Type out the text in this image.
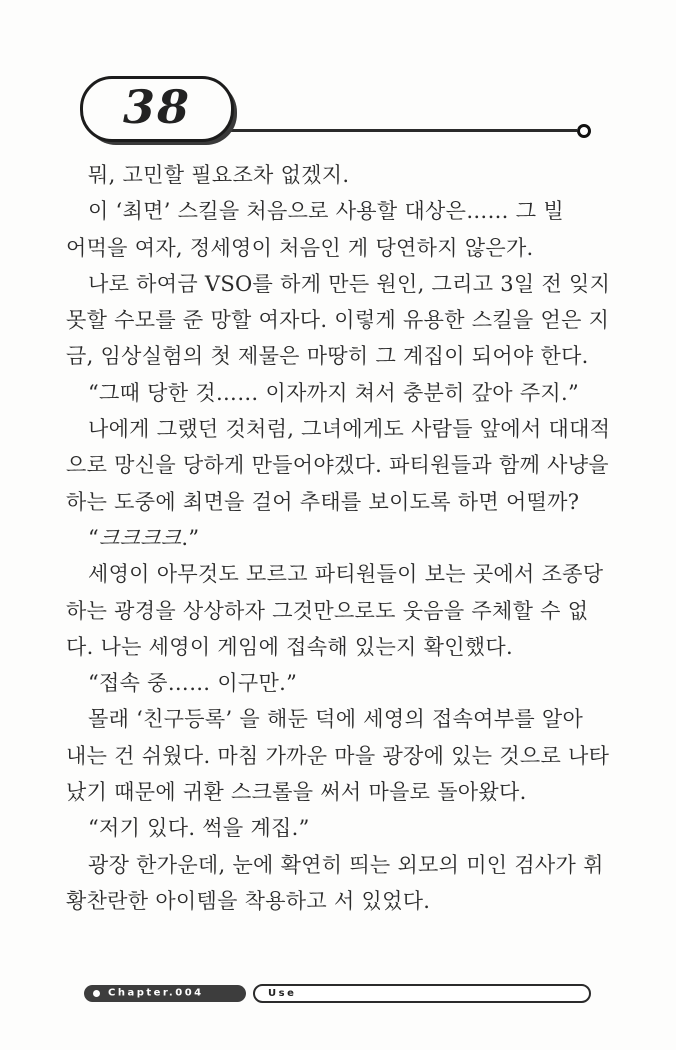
38

뭐, 고민할 필요조차 없겠지.

이 ‘최면’ 스킬을 처음으로 사용할 대상은…… 그 빌

어먹을 여자, 정세영이 처음인 게 당연하지 않은가.

나로 하여금 VSO를 하게 만든 원인, 그리고 3일 전 잊지

못할 수모를 준 망할 여자다. 이렇게 유용한 스킬을 얻은 지

금, 임상실험의 첫 제물은 마땅히 그 계집이 되어야 한다.

“그때 당한 것…… 이자까지 쳐서 충분히 갚아 주지.”

나에게 그랬던 것처럼, 그녀에게도 사람들 앞에서 대대적

으로 망신을 당하게 만들어야겠다. 파티원들과 함께 사냥을

하는 도중에 최면을 걸어 추태를 보이도록 하면 어떨까?

“크크크크.”

세영이 아무것도 모르고 파티원들이 보는 곳에서 조종당

하는 광경을 상상하자 그것만으로도 웃음을 주체할 수 없

다. 나는 세영이 게임에 접속해 있는지 확인했다.

“접속 중…… 이구만.”

몰래 ‘친구등록’ 을 해둔 덕에 세영의 접속여부를 알아

내는 건 쉬웠다. 마침 가까운 마을 광장에 있는 것으로 나타

났기 때문에 귀환 스크롤을 써서 마을로 돌아왔다.

“저기 있다. 썩을 계집.”

광장 한가운데, 눈에 확연히 띄는 외모의 미인 검사가 휘

황찬란한 아이템을 착용하고 서 있었다.

Chapter.004	Use
